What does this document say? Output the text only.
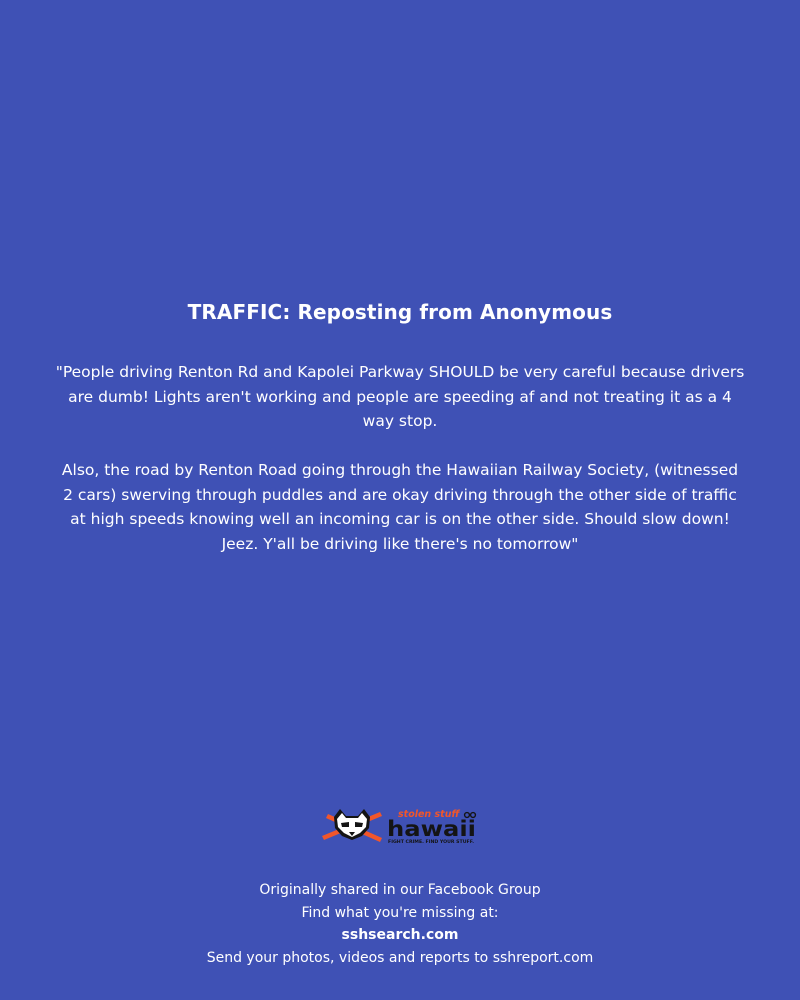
TRAFFIC: Reposting from Anonymous

"People driving Renton Rd and Kapolei Parkway SHOULD be very careful because drivers are dumb! Lights aren't working and people are speeding af and not treating it as a 4 way stop.

Also, the road by Renton Road going through the Hawaiian Railway Society, (witnessed 2 cars) swerving through puddles and are okay driving through the other side of traffic at high speeds knowing well an incoming car is on the other side. Should slow down! Jeez. Y'all be driving like there's no tomorrow"

stolen stuff
hawaii
FIGHT CRIME. FIND YOUR STUFF.
Originally shared in our Facebook Group
Find what you're missing at:
sshsearch.com
Send your photos, videos and reports to sshreport.com
